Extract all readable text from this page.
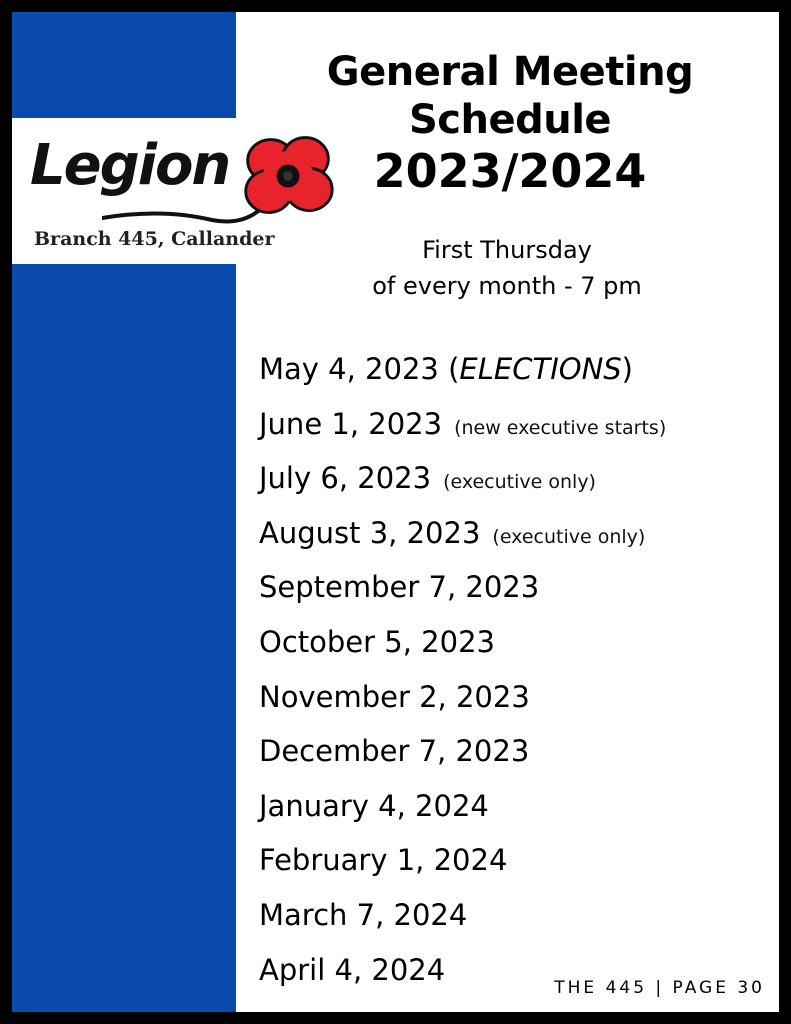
Legion
Branch 445, Callander
General Meeting
Schedule
2023/2024
First Thursday
of every month - 7 pm
May 4, 2023 (ELECTIONS)
June 1, 2023 (new executive starts)
July 6, 2023 (executive only)
August 3, 2023 (executive only)
September 7, 2023
October 5, 2023
November 2, 2023
December 7, 2023
January 4, 2024
February 1, 2024
March 7, 2024
April 4, 2024
THE 445 | PAGE 30
